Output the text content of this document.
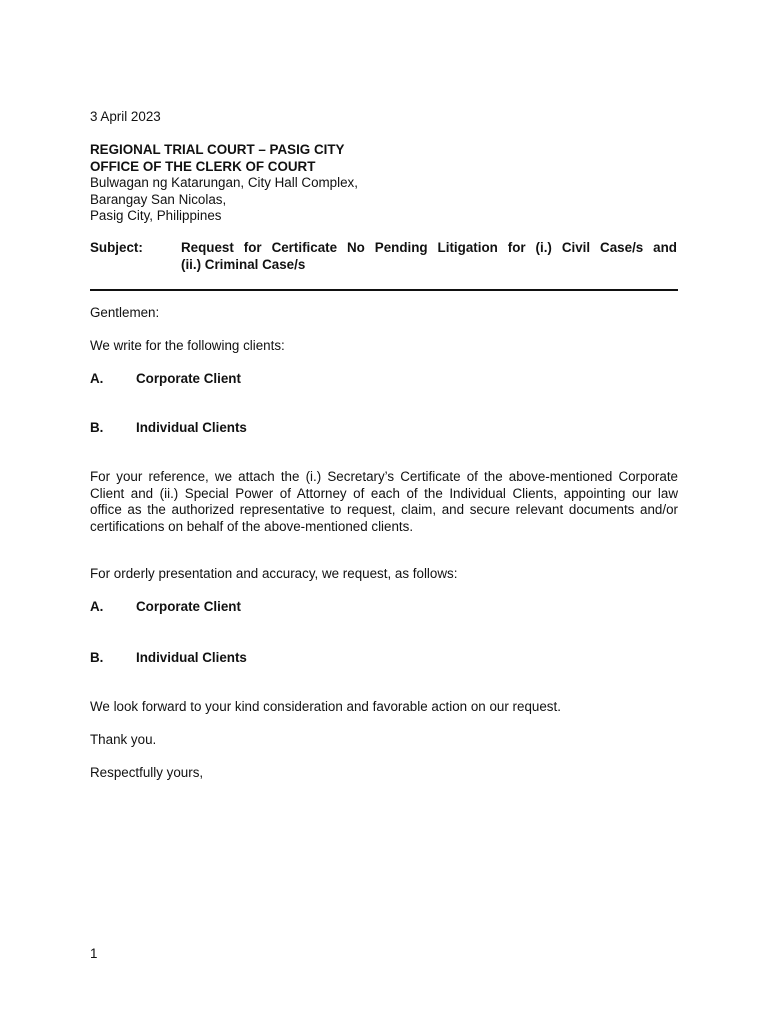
3 April 2023
REGIONAL TRIAL COURT – PASIG CITY
OFFICE OF THE CLERK OF COURT
Bulwagan ng Katarungan, City Hall Complex,
Barangay San Nicolas,
Pasig City, Philippines
Subject:	Request for Certificate No Pending Litigation for (i.) Civil Case/s and
(ii.) Criminal Case/s
Gentlemen:
We write for the following clients:
A. Corporate Client
B. Individual Clients
For your reference, we attach the (i.) Secretary’s Certificate of the above-mentioned Corporate
Client and (ii.) Special Power of Attorney of each of the Individual Clients, appointing our law
office as the authorized representative to request, claim, and secure relevant documents and/or
certifications on behalf of the above-mentioned clients.
For orderly presentation and accuracy, we request, as follows:
A. Corporate Client
B. Individual Clients
We look forward to your kind consideration and favorable action on our request.
Thank you.
Respectfully yours,
1
